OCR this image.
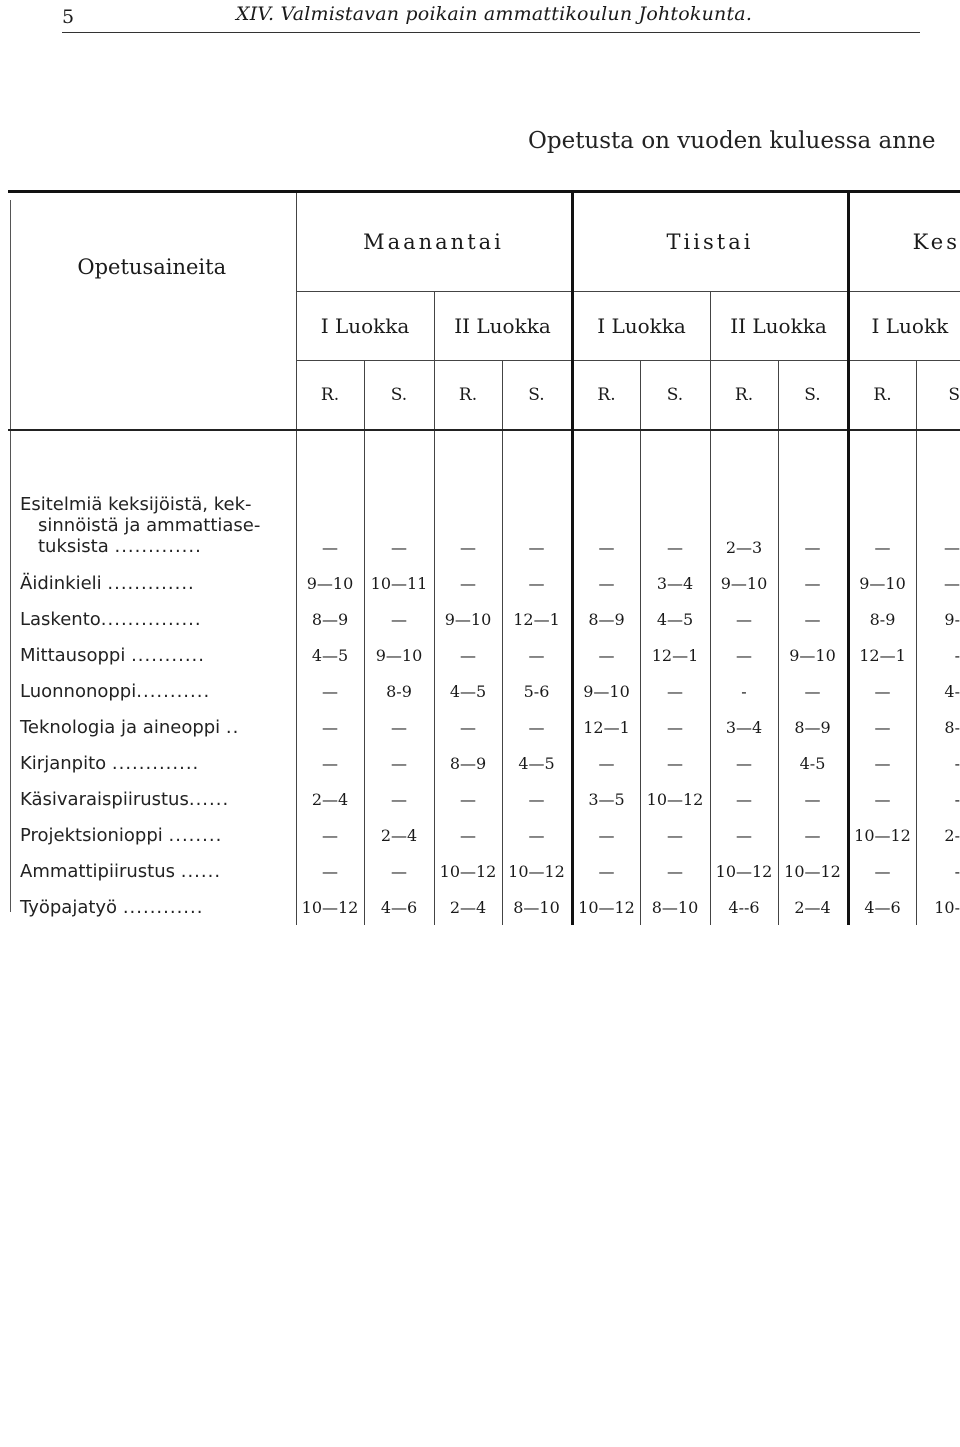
5	XIV. Valmistavan poikain ammattikoulun Johtokunta.
Opetusta on vuoden kuluessa anne

Opetusaineita	Maanantai				Tiistai				Kes	
	I Luokka		II Luokka		I Luokka		II Luokka		I Luokk	
	R.	S.	R.	S.	R.	S.	R.	S.	R.	S
Esitelmiä keksijöistä, kek-

sinnöistä ja ammattiase-
tuksista .............	—	—	—	—	—	—	2—3	—	—	—
Äidinkieli .............	9—10	10—11	—	—	—	3—4	9—10	—	9—10	—
Laskento...............	8—9	—	9—10	12—1	8—9	4—5	—	—	8-9	9-
Mittausoppi ...........	4—5	9—10	—	—	—	12—1	—	9—10	12—1	-
Luonnonoppi...........	—	8-9	4—5	5-6	9—10	—	-	—	—	4-
Teknologia ja aineoppi ..	—	—	—	—	12—1	—	3—4	8—9	—	8-
Kirjanpito .............	—	—	8—9	4—5	—	—	—	4-5	—	-
Käsivaraispiirustus......	2—4	—	—	—	3—5	10—12	—	—	—	-
Projektsionioppi ........	—	2—4	—	—	—	—	—	—	10—12	2-
Ammattipiirustus ......	—	—	10—12	10—12	—	—	10—12	10—12	—	-
Työpajatyö ............	10—12	4—6	2—4	8—10	10—12	8—10	4--6	2—4	4—6	10-
